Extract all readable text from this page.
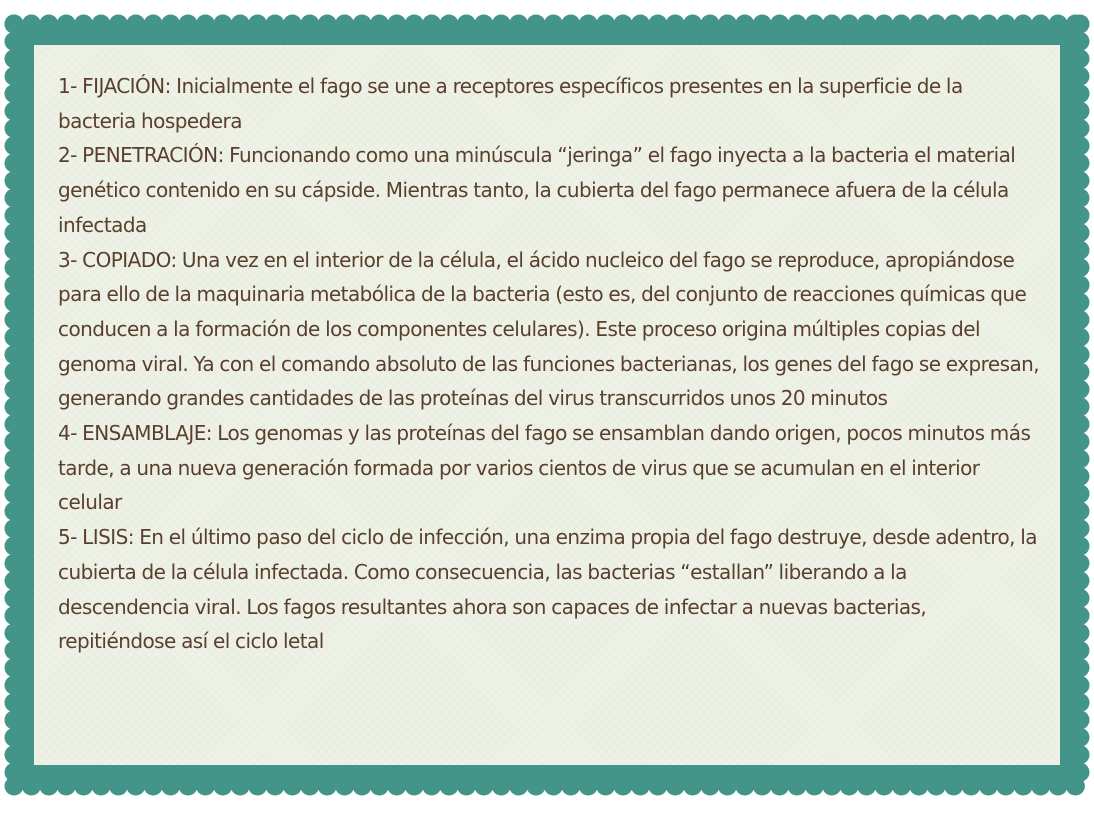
1- FIJACIÓN: Inicialmente el fago se une a receptores específicos presentes en la superficie de la bacteria hospedera

2- PENETRACIÓN: Funcionando como una minúscula “jeringa” el fago inyecta a la bacteria el material genético contenido en su cápside. Mientras tanto, la cubierta del fago permanece afuera de la célula infectada

3- COPIADO: Una vez en el interior de la célula, el ácido nucleico del fago se reproduce, apropiándose para ello de la maquinaria metabólica de la bacteria (esto es, del conjunto de reacciones químicas que conducen a la formación de los componentes celulares). Este proceso origina múltiples copias del genoma viral. Ya con el comando absoluto de las funciones bacterianas, los genes del fago se expresan, generando grandes cantidades de las proteínas del virus transcurridos unos 20 minutos

4- ENSAMBLAJE: Los genomas y las proteínas del fago se ensamblan dando origen, pocos minutos más tarde, a una nueva generación formada por varios cientos de virus que se acumulan en el interior celular

5- LISIS: En el último paso del ciclo de infección, una enzima propia del fago destruye, desde adentro, la cubierta de la célula infectada. Como consecuencia, las bacterias “estallan” liberando a la descendencia viral. Los fagos resultantes ahora son capaces de infectar a nuevas bacterias, repitiéndose así el ciclo letal
